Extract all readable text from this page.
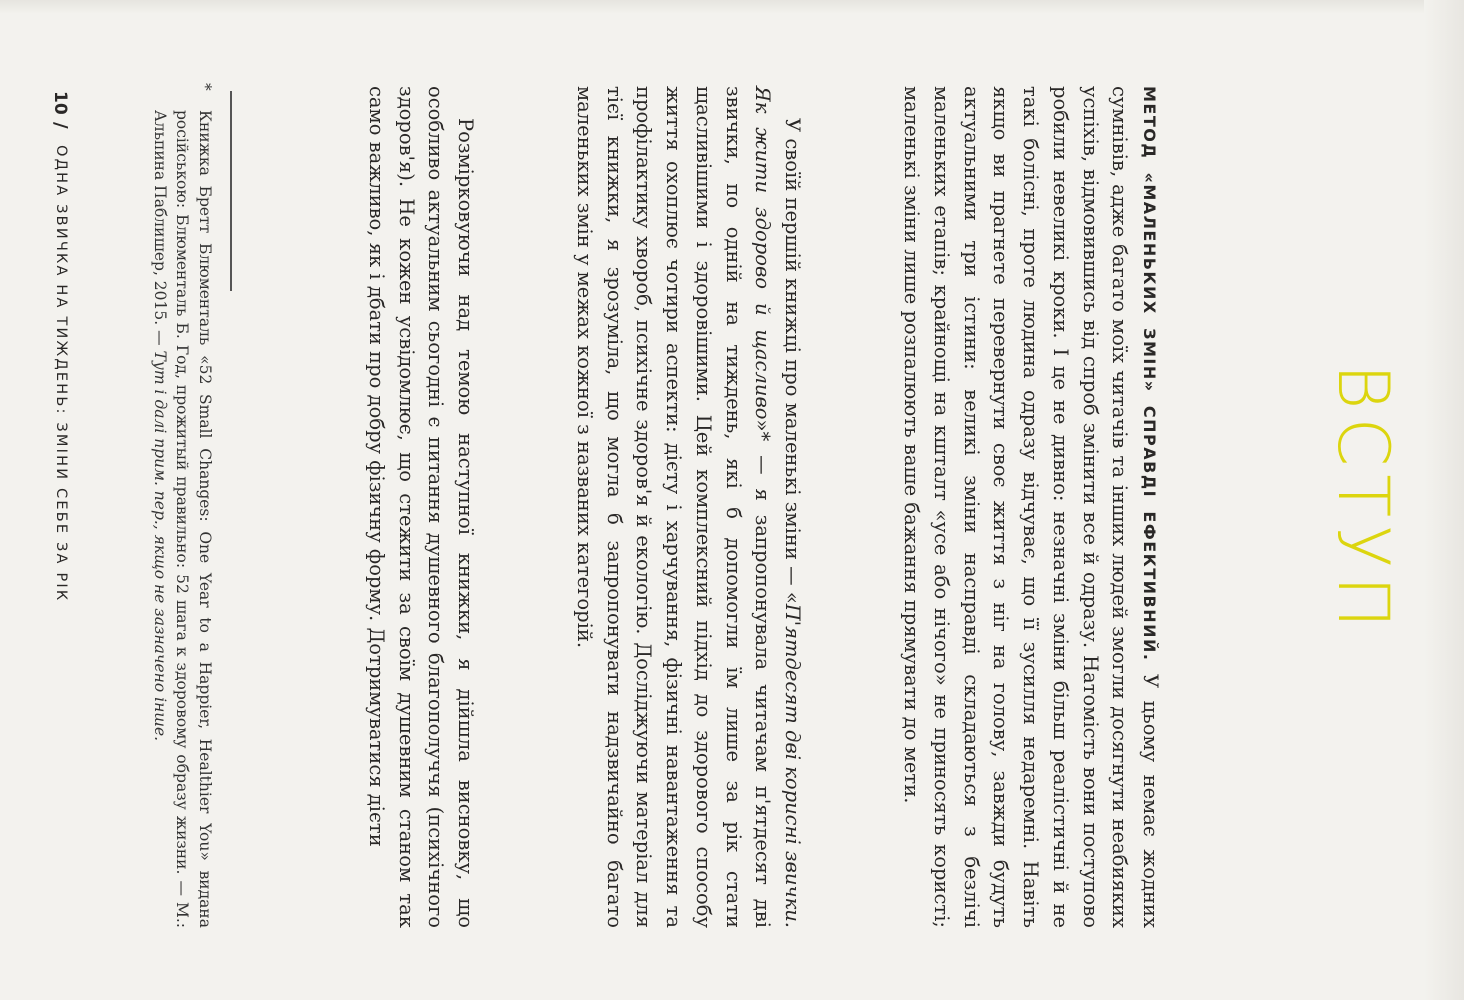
ВСТУП

МЕТОД «МАЛЕНЬКИХ ЗМІН» СПРАВДІ ЕФЕКТИВНИЙ. У цьому немає жодних сумнівів, адже багато моїх читачів та інших людей змогли досягнути неабияких успіхів, відмовившись від спроб змінити все й одразу. Натомість вони поступово робили невеликі кроки. І це не дивно: незначні зміни більш реалістичні й не такі болісні, проте людина одразу відчуває, що її зусилля недаремні. Навіть якщо ви прагнете перевернути своє життя з ніг на голову, завжди будуть актуальними три істини: великі зміни насправді складаються з безлічі маленьких етапів; крайнощі на кшталт «усе або нічого» не приносять користі; маленькі зміни лише розпалюють ваше бажання прямувати до мети.

У своїй першій книжці про маленькі зміни — «П'ятдесят дві корисні звички. Як жити здорово й щасливо»* — я запропонувала читачам п'ятдесят дві звички, по одній на тиждень, які б допомогли їм лише за рік стати щасливішими і здоровішими. Цей комплексний підхід до здорового способу життя охоплює чотири аспекти: дієту і харчування, фізичні навантаження та профілактику хвороб, психічне здоров'я й екологію. Досліджуючи матеріал для тієї книжки, я зрозуміла, що могла б запропонувати надзвичайно багато маленьких змін у межах кожної з названих категорій.

Розмірковуючи над темою наступної книжки, я дійшла висновку, що особливо актуальним сьогодні є питання душевного благополуччя (психічного здоров'я). Не кожен усвідомлює, що стежити за своїм душевним станом так само важливо, як і дбати про добру фізичну форму. Дотримуватися дієти

*
Книжка Бретт Блюменталь «52 Small Changes: One Year to a Happier, Healthier You» видана російською: Блюменталь Б. Год, прожитый правильно: 52 шага к здоровому образу жизни. — М.: Альпина Паблишер, 2015. — Тут і далі прим. пер., якщо не зазначено інше.

10
/
ОДНА ЗВИЧКА НА ТИЖДЕНЬ: ЗМІНИ СЕБЕ ЗА РІК
